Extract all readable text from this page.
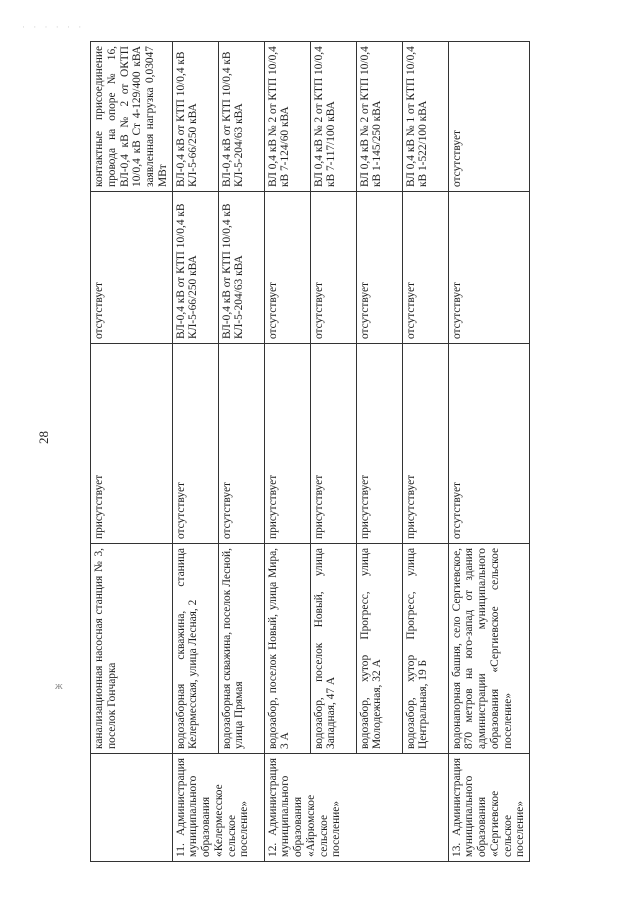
· · · · · ·
28
ж
		канализационная насосная станция № 3, поселок Гончарка	присутствует	отсутствует	контактные присоединение провода на опоре № 16, ВЛ-0,4 кВ № 2 от ОКТП 10/0,4 кВ Ст 4-129/400 кВА заявленная нагрузка 0,03047 МВт
11. Администрация муниципального образования «Келермесское сельское поселение»	водозаборная скважина, станица Келермесская, улица Лесная, 2	отсутствует	ВЛ-0,4 кВ от КТП 10/0,4 кВ КЛ-5-66/250 кВА	ВЛ-0,4 кВ от КТП 10/0,4 кВ КЛ-5-66/250 кВА
	водозаборная скважина, поселок Лесной, улица Прямая	отсутствует	ВЛ-0,4 кВ от КТП 10/0,4 кВ КЛ-5-204/63 кВА	ВЛ-0,4 кВ от КТП 10/0,4 кВ КЛ-5-204/63 кВА
12. Администрация муниципального образования «Айрюмское сельское поселение»	водозабор, поселок Новый, улица Мира, 3 А	присутствует	отсутствует	ВЛ 0,4 кВ № 2 от КТП 10/0,4 кВ 7-124/60 кВА
	водозабор, поселок Новый, улица Западная, 47 А	присутствует	отсутствует	ВЛ 0,4 кВ № 2 от КТП 10/0,4 кВ 7-117/100 кВА
	водозабор, хутор Прогресс, улица Молодежная, 32 А	присутствует	отсутствует	ВЛ 0,4 кВ № 2 от КТП 10/0,4 кВ 1-145/250 кВА
	водозабор, хутор Прогресс, улица Центральная, 19 Б	присутствует	отсутствует	ВЛ 0,4 кВ № 1 от КТП 10/0,4 кВ 1-522/100 кВА
13. Администрация муниципального образования «Сергиевское сельское поселение»	водонапорная башня, село Сергиевское, 870 метров на юго-запад от здания администрации муниципального образования «Сергиевское сельское поселение»	отсутствует	отсутствует	отсутствует
